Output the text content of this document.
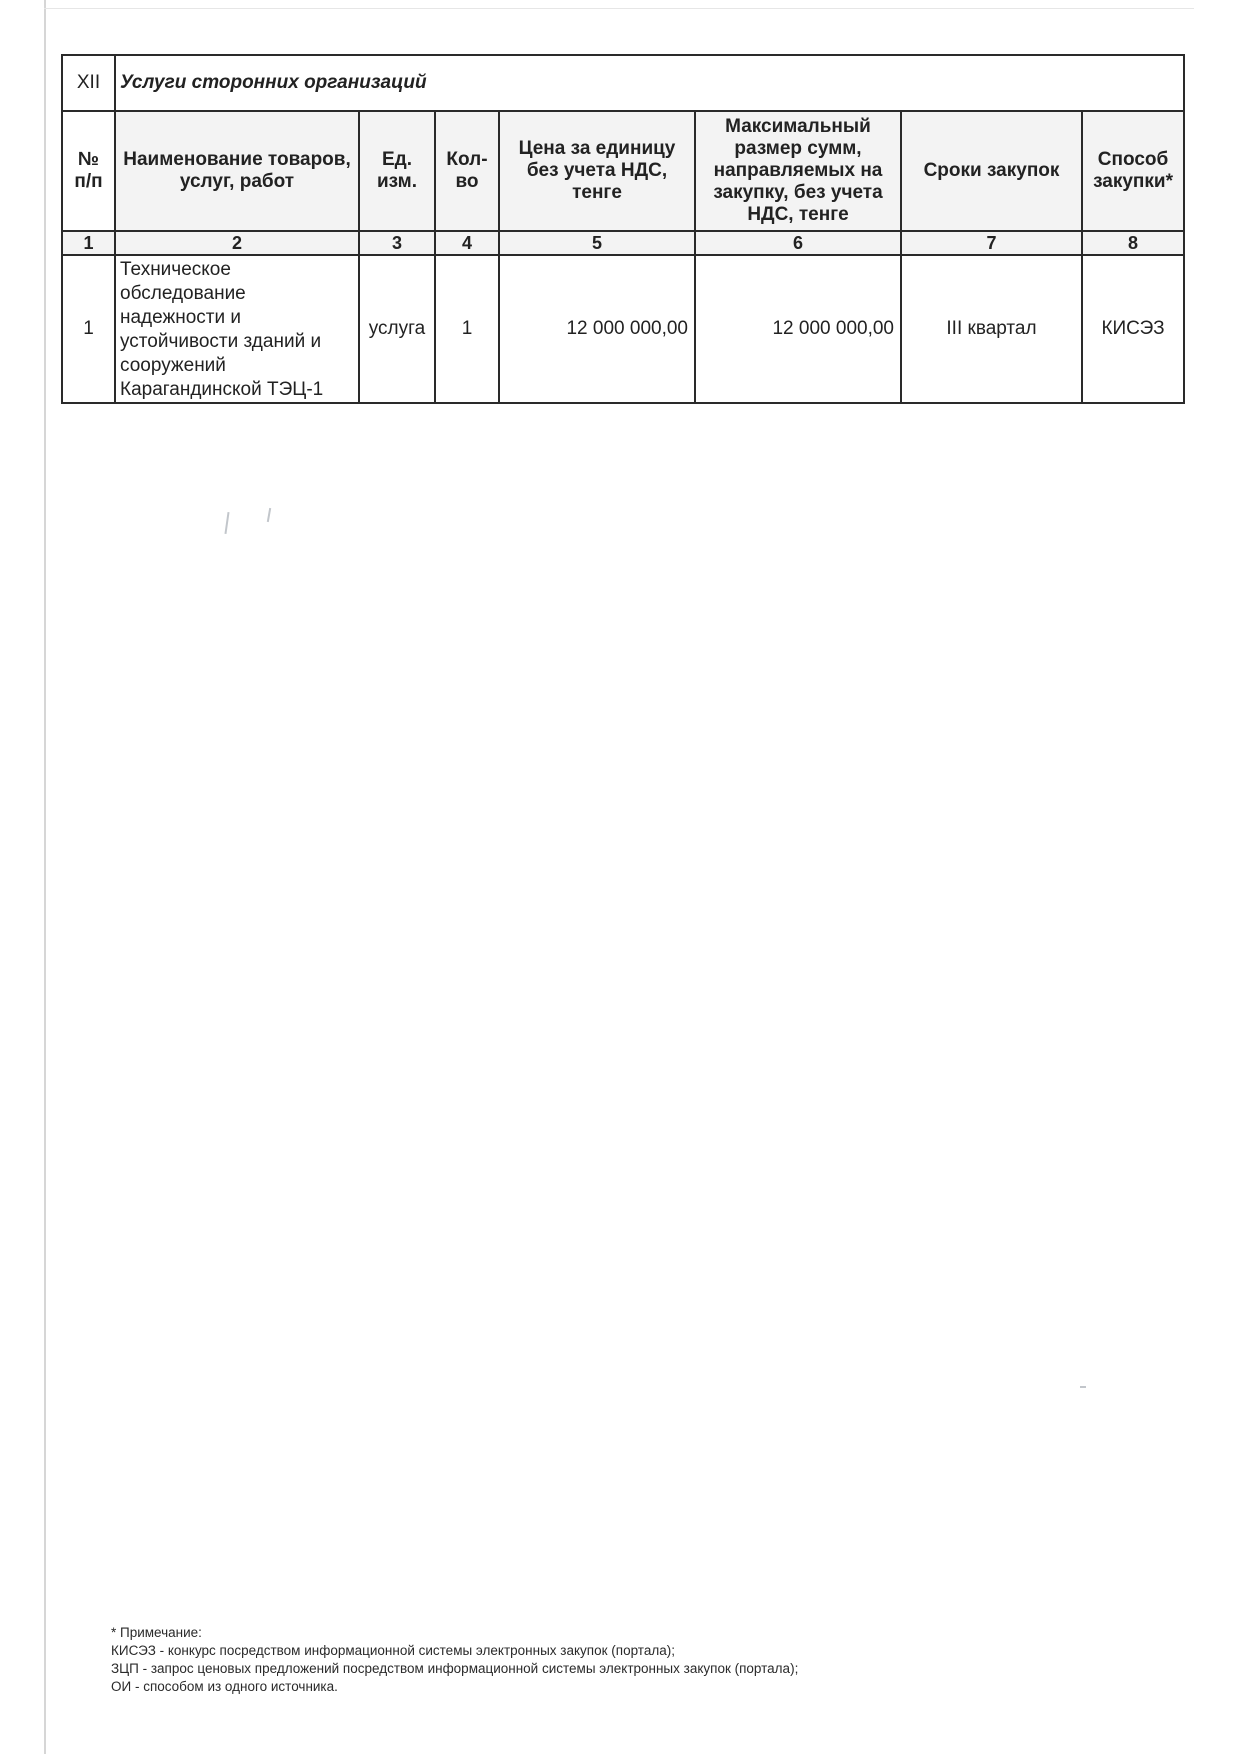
XII	Услуги сторонних организаций						
№ п/п	Наименование товаров, услуг, работ	Ед. изм.	Кол-во	Цена за единицу без учета НДС, тенге	Максимальный размер сумм, направляемых на закупку, без учета НДС, тенге	Сроки закупок	Способ закупки*
1	2	3	4	5	6	7	8
1	Техническое обследование надежности и устойчивости зданий и сооружений Карагандинской ТЭЦ-1	услуга	1	12 000 000,00	12 000 000,00	III квартал	КИСЭЗ
* Примечание:
КИСЭЗ - конкурс посредством информационной системы электронных закупок (портала);
ЗЦП - запрос ценовых предложений посредством информационной системы электронных закупок (портала);
ОИ - способом из одного источника.
